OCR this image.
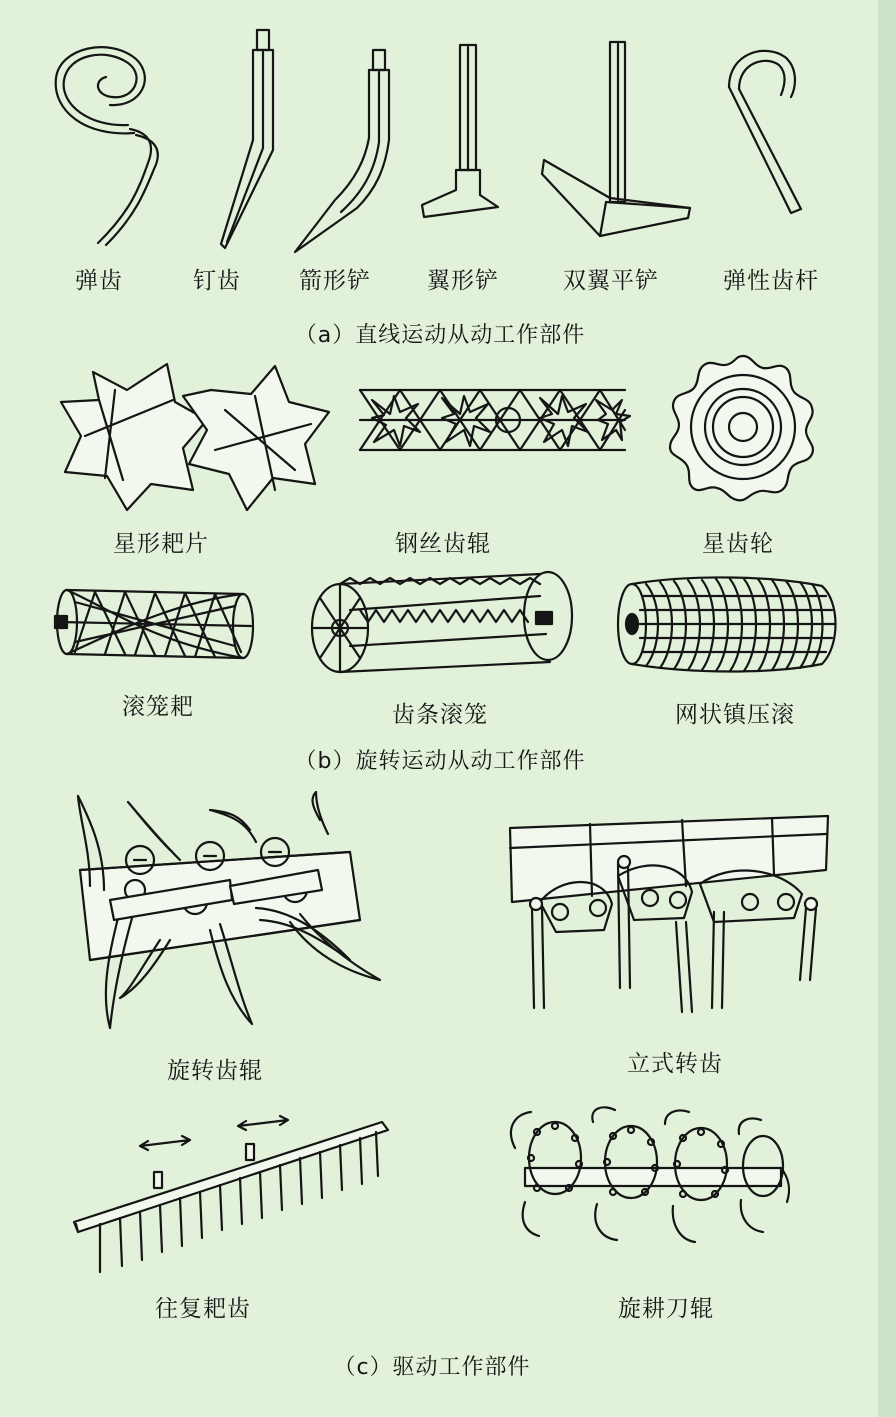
弹齿	钉齿	箭形铲 翼形铲	双翼平铲	弹性齿杆
（a）直线运动从动工作部件
星形耙片	钢丝齿辊	星齿轮
滚笼耙	齿条滚笼	网状镇压滚
（b）旋转运动从动工作部件
旋转齿辊	立式转齿
往复耙齿	旋耕刀辊
（c）驱动工作部件
